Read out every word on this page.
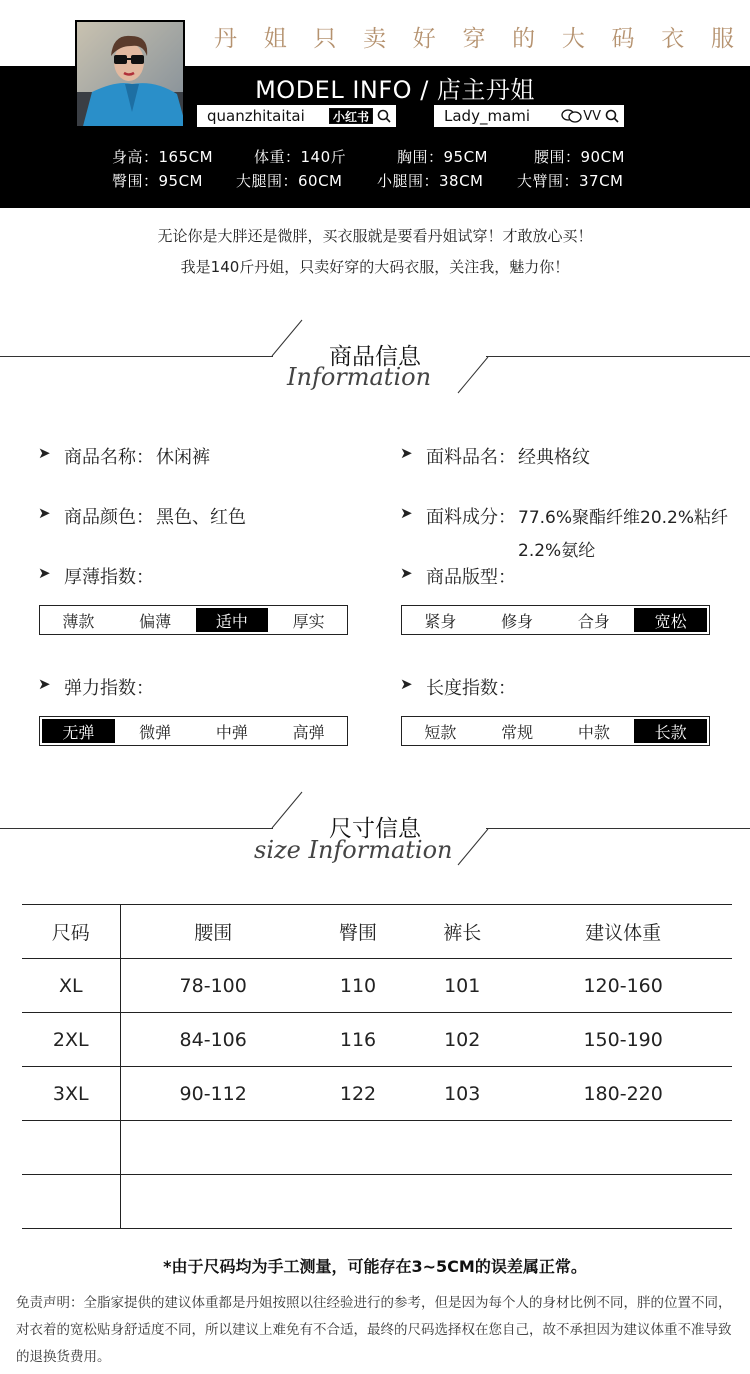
丹 姐 只 卖 好 穿 的 大 码 衣 服
MODEL INFO / 店主丹姐
quanzhitaitai	小红书	Lady_mami	VV
身高：165CM	体重：140斤	胸围：95CM	腰围：90CM
臀围：95CM 大腿围：60CM 小腿围：38CM 大臂围：37CM
无论你是大胖还是微胖，买衣服就是要看丹姐试穿！才敢放心买！
我是140斤丹姐，只卖好穿的大码衣服，关注我，魅力你！
商品信息
Information
➤ 商品名称： 休闲裤	➤ 面料品名： 经典格纹
➤ 商品颜色： 黑色、红色	➤ 面料成分： 77.6%聚酯纤维20.2%粘纤
2.2%氨纶
➤ 厚薄指数：
薄款	偏薄	适中	厚实
➤ 商品版型：
紧身	修身	合身	宽松
➤ 弹力指数：
无弹	微弹	中弹	高弹
➤ 长度指数：
短款	常规	中款	长款
尺寸信息
size Information
尺码	腰围	臀围	裤长	建议体重
XL	78-100	110	101	120-160
2XL	84-106	116	102	150-190
3XL	90-112	122	103	180-220

*由于尺码均为手工测量，可能存在3~5CM的误差属正常。
免责声明：全脂家提供的建议体重都是丹姐按照以往经验进行的参考，但是因为每个人的身材比例不同，胖的位置不同，对衣着的宽松贴身舒适度不同，所以建议上难免有不合适，最终的尺码选择权在您自己，故不承担因为建议体重不准导致的退换货费用。
